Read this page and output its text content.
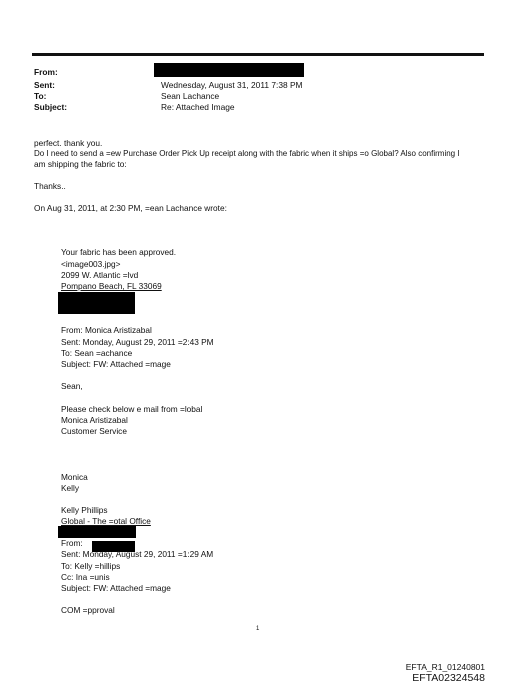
From:
Sent:	Wednesday, August 31, 2011 7:38 PM
To:	Sean Lachance
Subject:	Re: Attached Image
perfect. thank you.
Do I need to send a =ew Purchase Order Pick Up receipt along with the fabric when it ships =o Global? Also confirming I
am shipping the fabric to:
Thanks..
On Aug 31, 2011, at 2:30 PM, =ean Lachance wrote:
Your fabric has been approved.
<image003.jpg>
2099 W. Atlantic =lvd
Pompano Beach, FL 33069
From: Monica Aristizabal
Sent: Monday, August 29, 2011 =2:43 PM
To: Sean =achance
Subject: FW: Attached =mage
Sean,
Please check below e mail from =lobal
Monica Aristizabal
Customer Service
Monica
Kelly
Kelly Phillips
Global - The =otal Office
From:
Sent: Monday, August 29, 2011 =1:29 AM
To: Kelly =hillips
Cc: Ina =unis
Subject: FW: Attached =mage
COM =pproval
1
EFTA_R1_01240801
EFTA02324548
